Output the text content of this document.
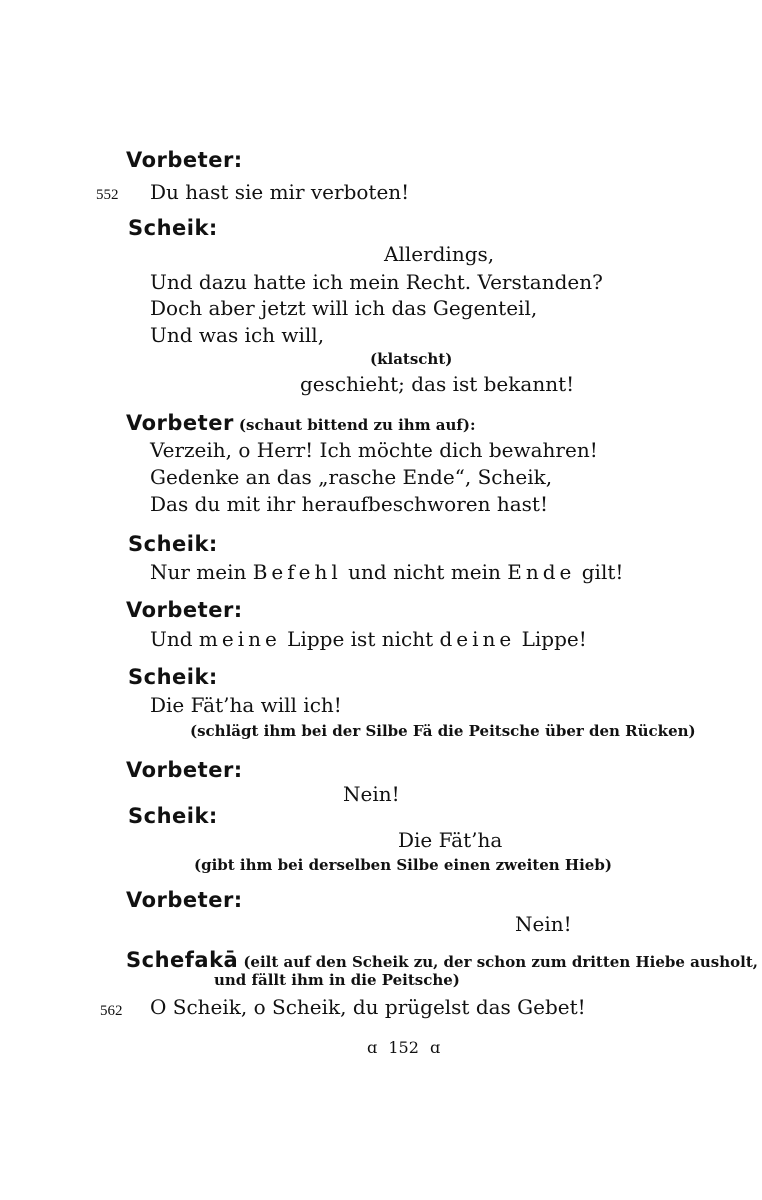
Vorbeter:
552 Du hast sie mir verboten!
Scheik:
Allerdings,
Und dazu hatte ich mein Recht. Verstanden?
Doch aber jetzt will ich das Gegenteil,
Und was ich will,
(klatscht)
geschieht; das ist bekannt!
Vorbeter (schaut bittend zu ihm auf):
Verzeih, o Herr! Ich möchte dich bewahren!
Gedenke an das „rasche Ende“, Scheik,
Das du mit ihr heraufbeschworen hast!
Scheik:
Nur mein Befehl und nicht mein Ende gilt!
Vorbeter:
Und meine Lippe ist nicht deine Lippe!
Scheik:
Die Fät’ha will ich!
(schlägt ihm bei der Silbe Fä die Peitsche über den Rücken)
Vorbeter:
Nein!
Scheik:
Die Fät’ha
(gibt ihm bei derselben Silbe einen zweiten Hieb)
Vorbeter:
Nein!
Schefakā (eilt auf den Scheik zu, der schon zum dritten Hiebe ausholt,
und fällt ihm in die Peitsche)
562 O Scheik, o Scheik, du prügelst das Gebet!
ɑ 152 ɑ
